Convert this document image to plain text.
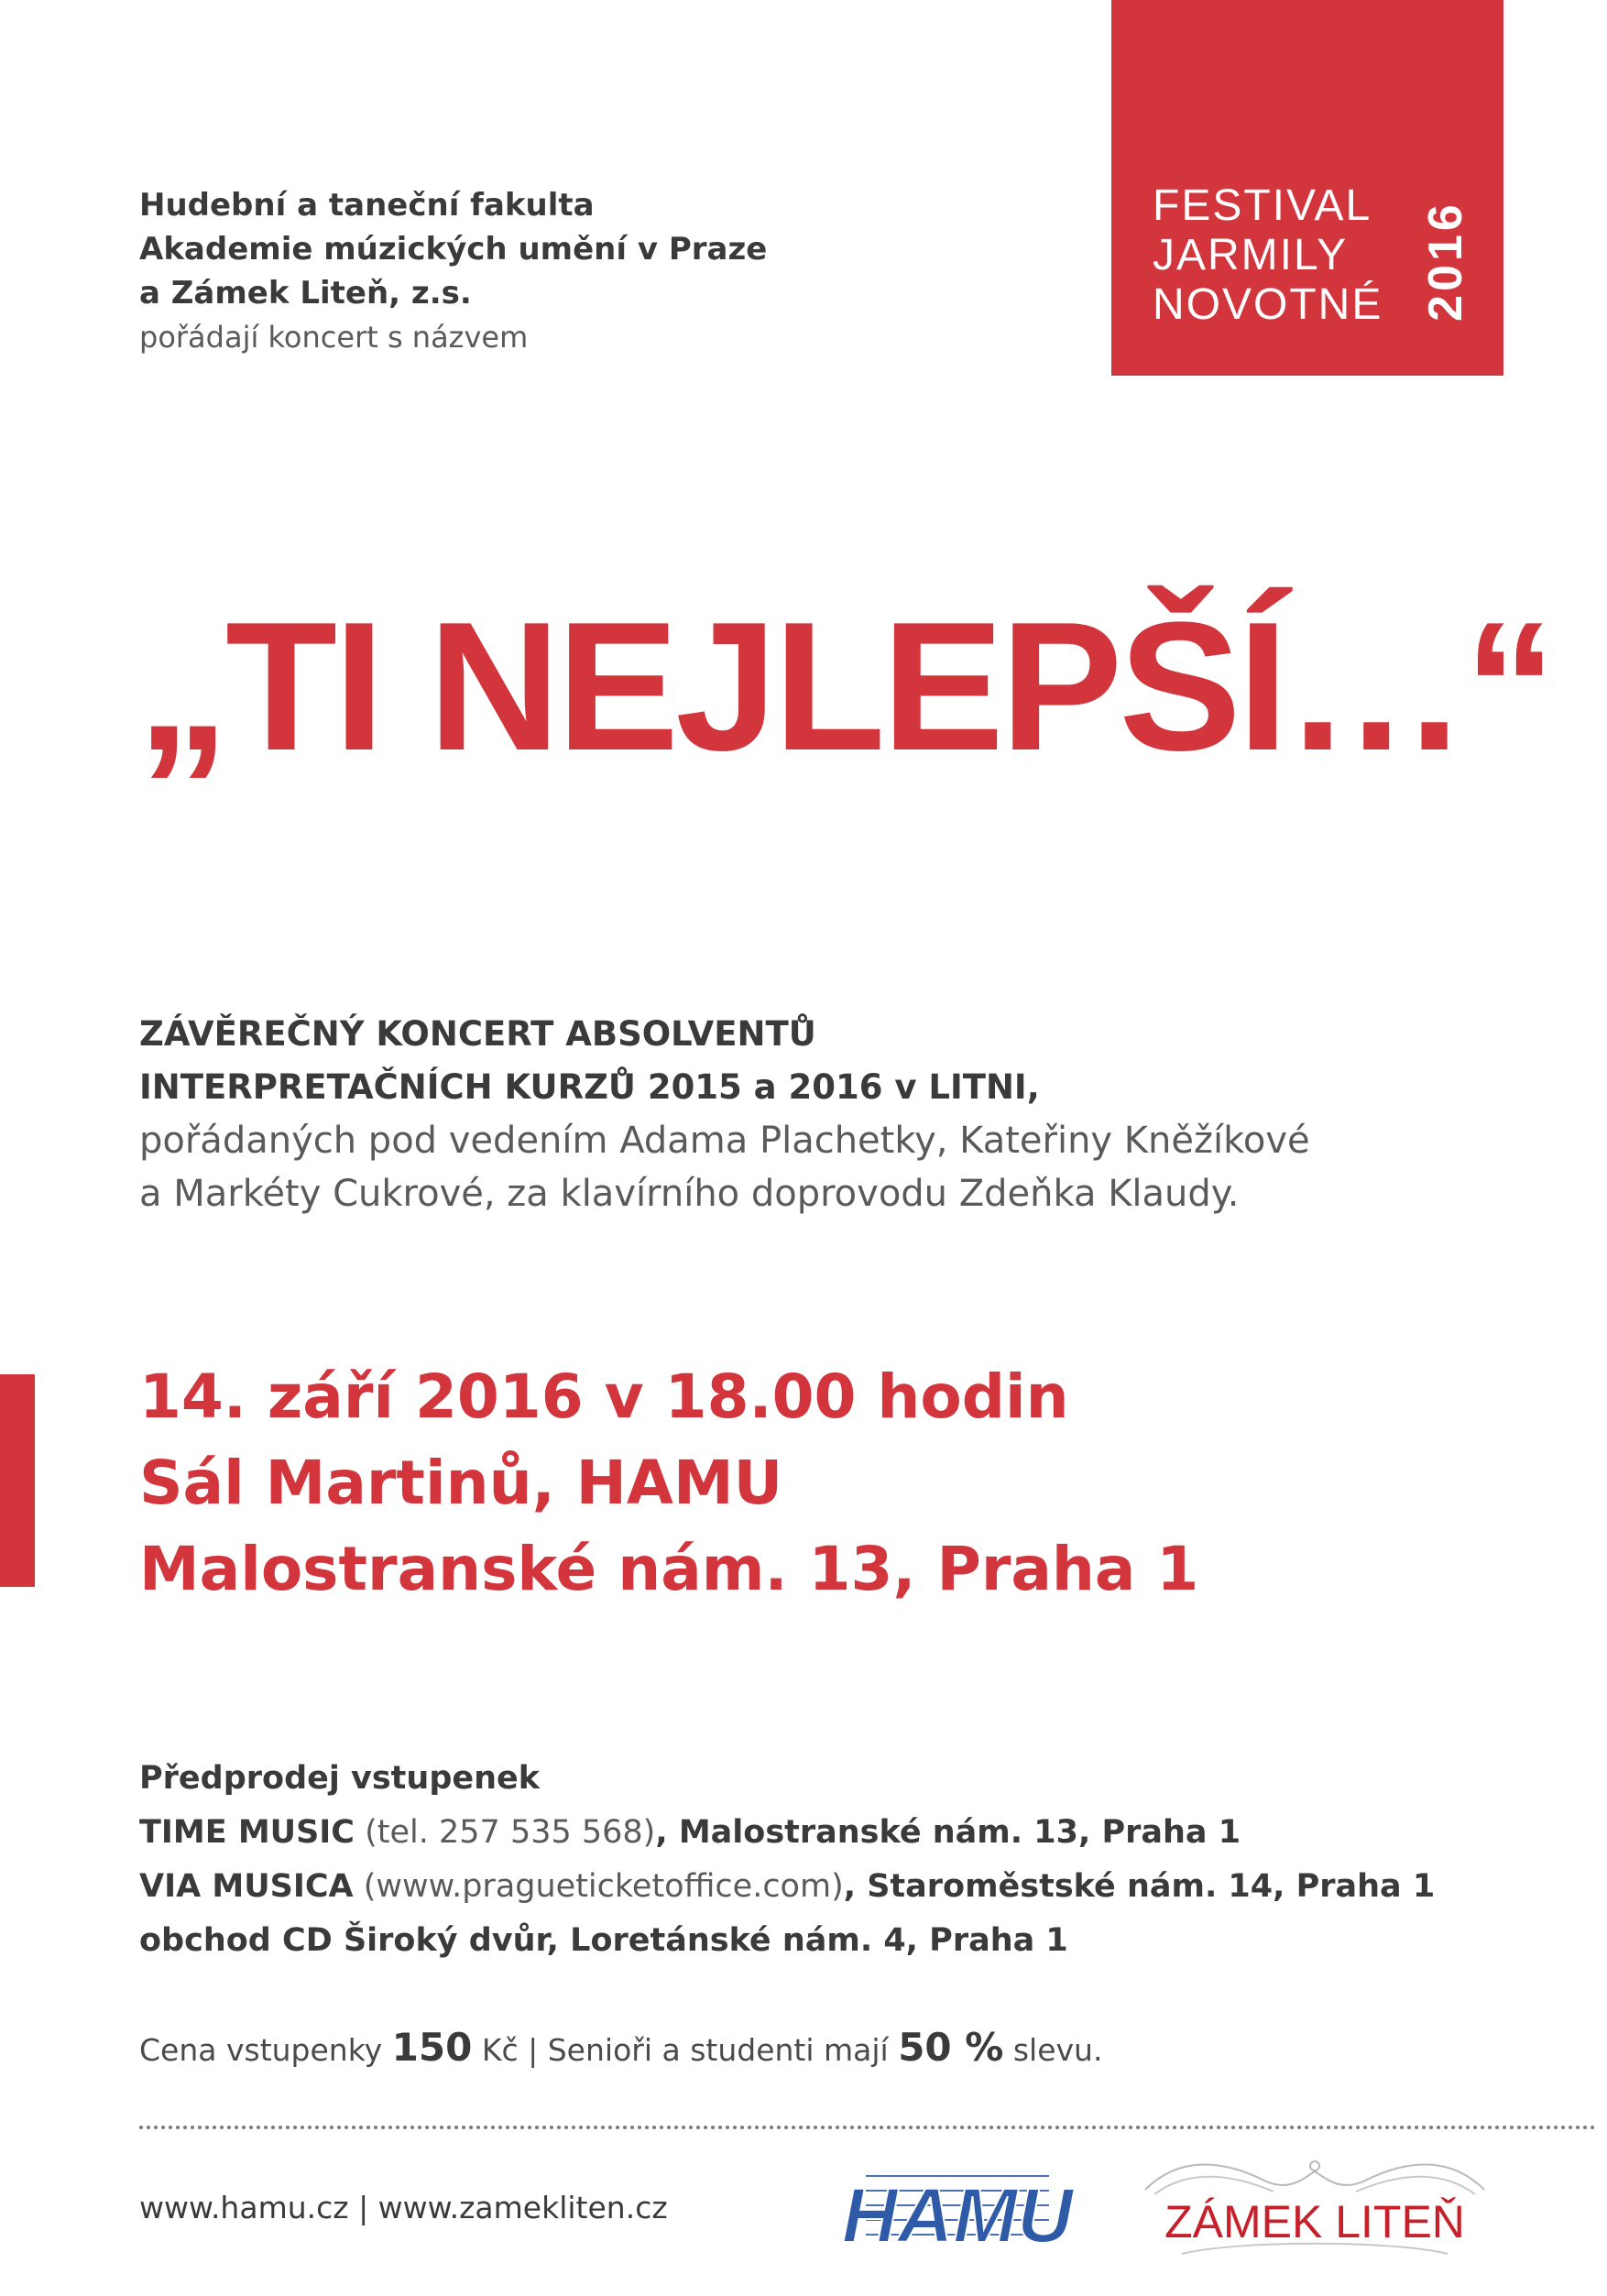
Hudební a taneční fakulta
Akademie múzických umění v Praze
a Zámek Liteň, z.s.
pořádají koncert s názvem
FESTIVAL
JARMILY
NOVOTNÉ 2016
„TI NEJLEPŠÍ…“
ZÁVĚREČNÝ KONCERT ABSOLVENTŮ
INTERPRETAČNÍCH KURZŮ 2015 a 2016 v LITNI,
pořádaných pod vedením Adama Plachetky, Kateřiny Kněžíkové
a Markéty Cukrové, za klavírního doprovodu Zdeňka Klaudy.
14. září 2016 v 18.00 hodin
Sál Martinů, HAMU
Malostranské nám. 13, Praha 1
Předprodej vstupenek
TIME MUSIC (tel. 257 535 568), Malostranské nám. 13, Praha 1
VIA MUSICA (www.pragueticketoffice.com), Staroměstské nám. 14, Praha 1
obchod CD Široký dvůr, Loretánské nám. 4, Praha 1
Cena vstupenky 150 Kč | Senioři a studenti mají 50 % slevu.
www.hamu.cz | www.zamekliten.cz HAMU ZÁMEK LITEŇ
